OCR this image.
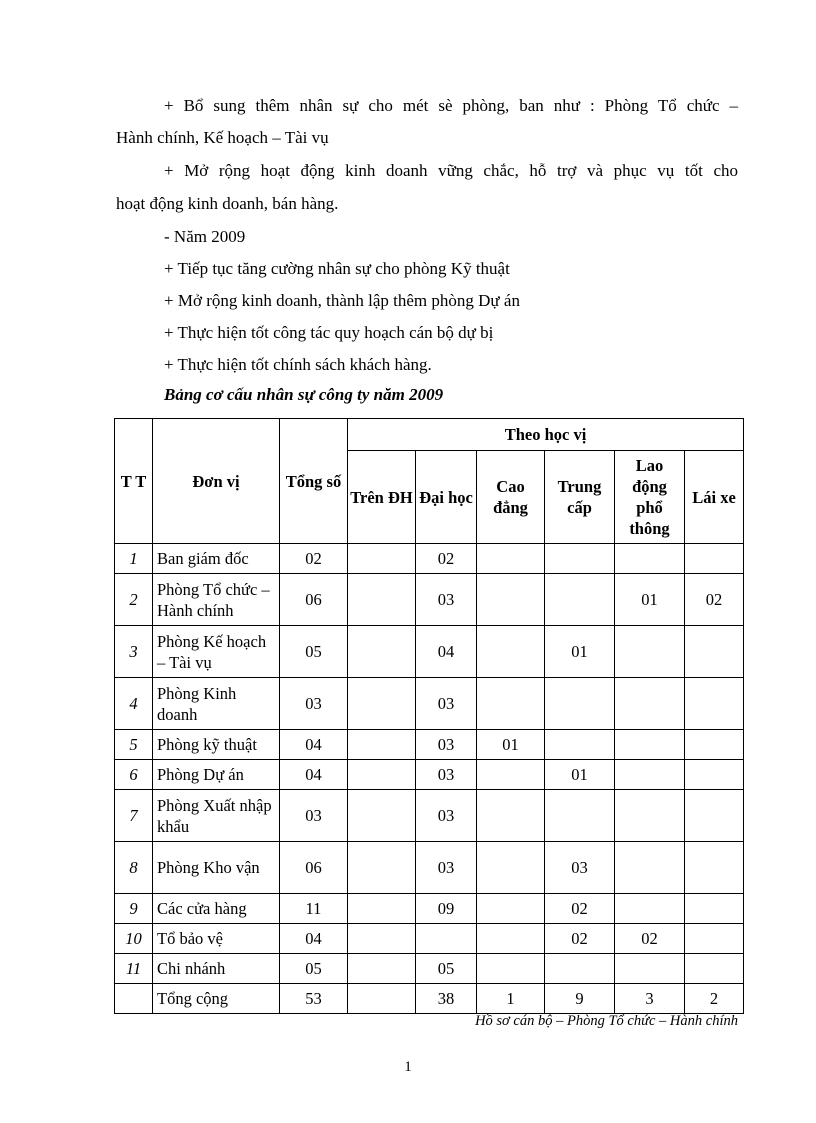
+ Bổ sung thêm nhân sự cho mét sè phòng, ban như : Phòng Tổ chức –
Hành chính, Kế hoạch – Tài vụ
+ Mở rộng hoạt động kinh doanh vững chắc, hỗ trợ và phục vụ tốt cho
hoạt động kinh doanh, bán hàng.
- Năm 2009
+ Tiếp tục tăng cường nhân sự cho phòng Kỹ thuật
+ Mở rộng kinh doanh, thành lập thêm phòng Dự án
+ Thực hiện tốt công tác quy hoạch cán bộ dự bị
+ Thực hiện tốt chính sách khách hàng.
Bảng cơ cấu nhân sự công ty năm 2009
T T	Đơn vị	Tổng số	Theo học vị					
			Trên ĐH	Đại học	Cao đẳng	Trung cấp	Lao động phổ thông	Lái xe
1	Ban giám đốc	02		02				
2	Phòng Tổ chức – Hành chính	06		03			01	02
3	Phòng Kế hoạch – Tài vụ	05		04		01		
4	Phòng Kinh doanh	03		03				
5	Phòng kỹ thuật	04		03	01			
6	Phòng Dự án	04		03		01		
7	Phòng Xuất nhập khẩu	03		03				
8	Phòng Kho vận	06		03		03		
9	Các cửa hàng	11		09		02		
10	Tổ bảo vệ	04				02	02	
11	Chi nhánh	05		05				
	Tổng cộng	53		38	1	9	3	2
Hồ sơ cán bộ – Phòng Tổ chức – Hành chính
1
